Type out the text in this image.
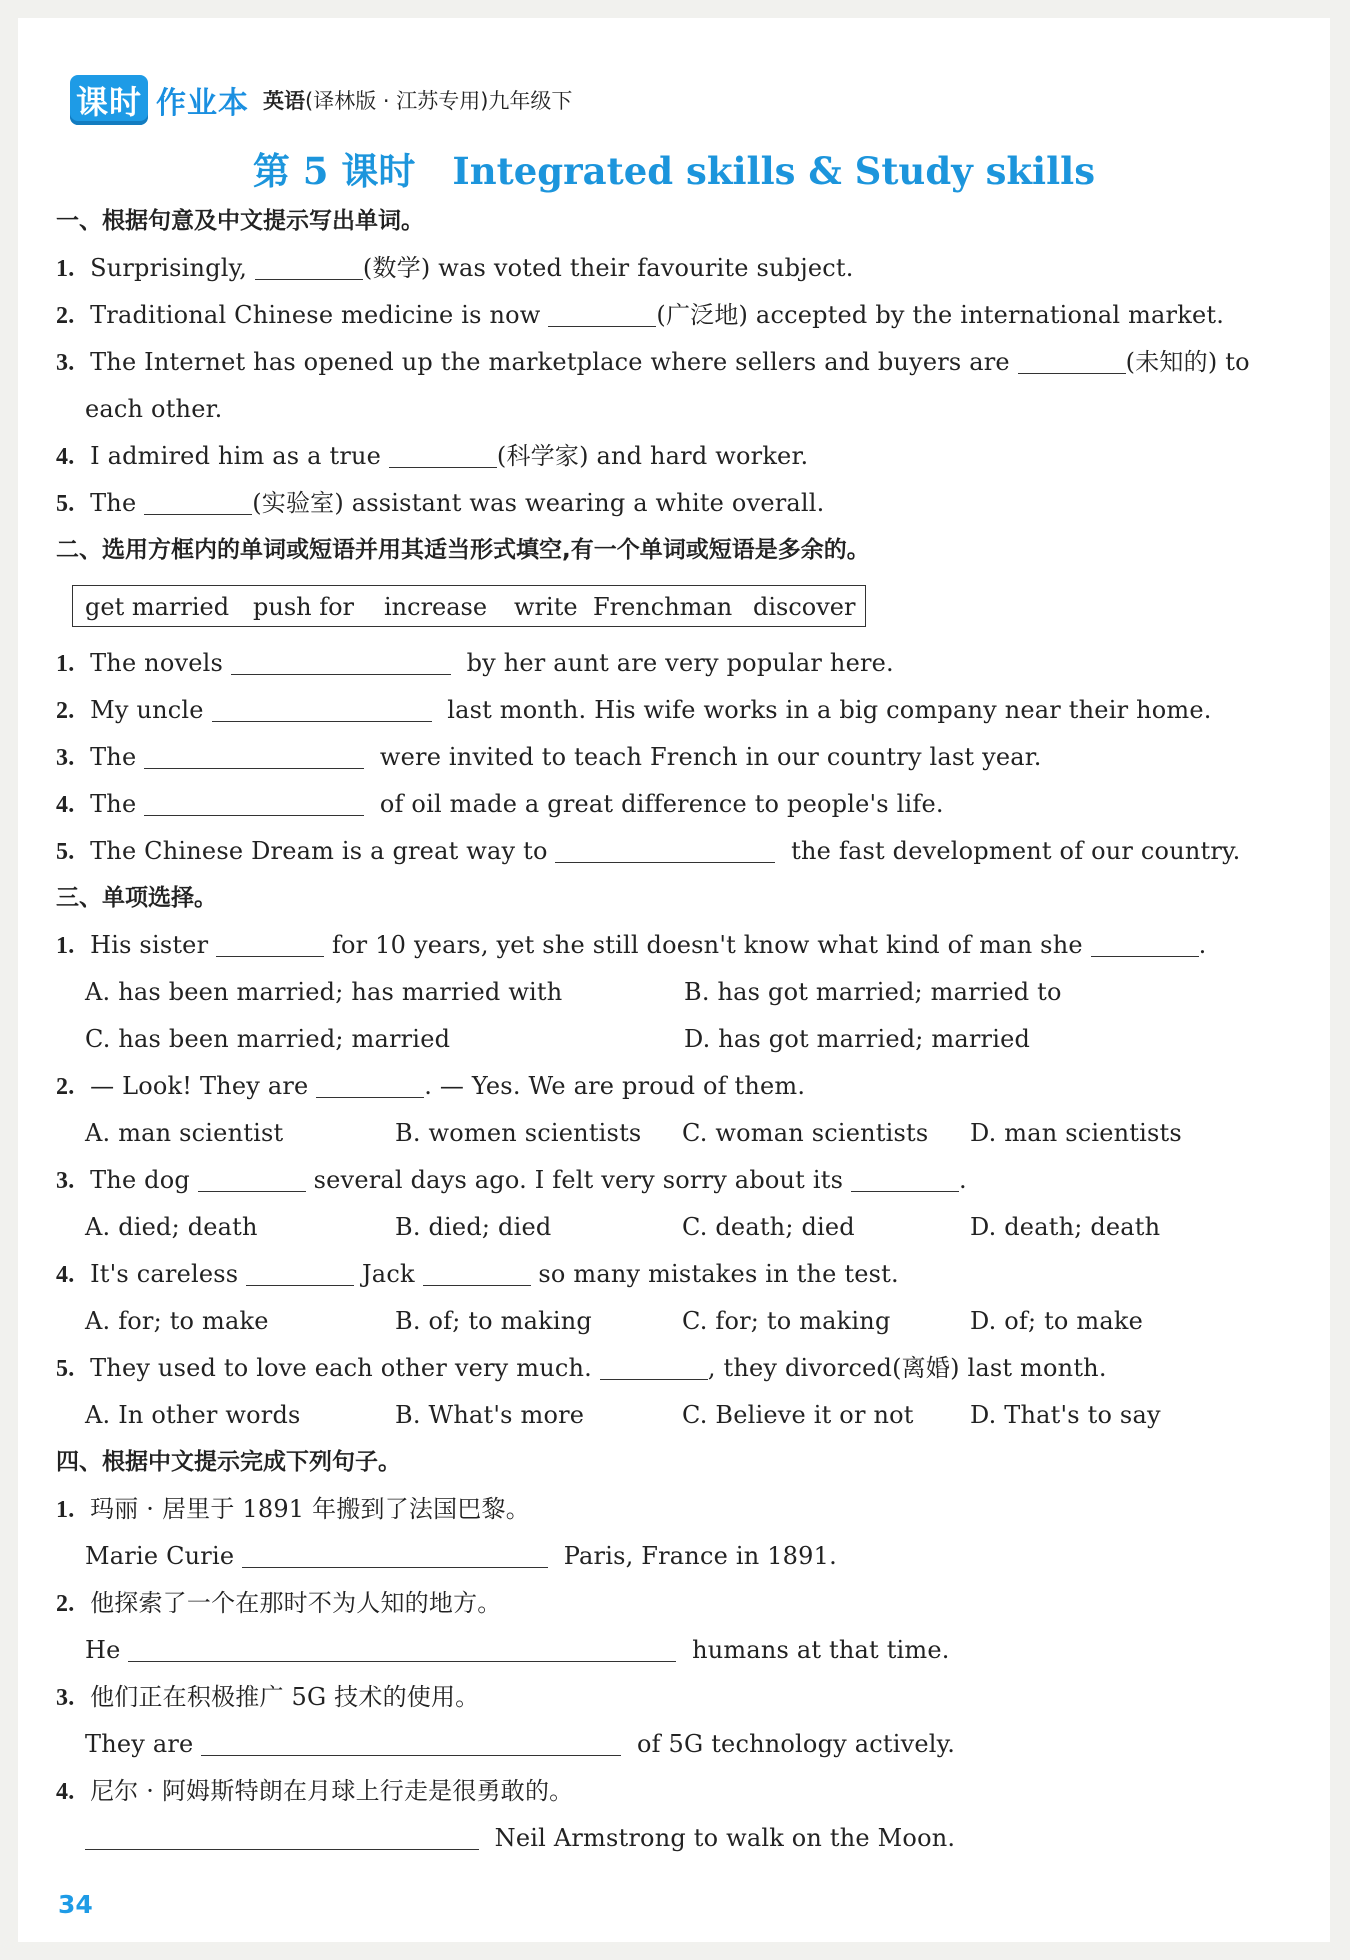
课时 作业本 英语(译林版 · 江苏专用)九年级下
第 5 课时　Integrated skills & Study skills
一、根据句意及中文提示写出单词。
1. Surprisingly,	(数学) was voted their favourite subject.
2. Traditional Chinese medicine is now	(广泛地) accepted by the international market.
3. The Internet has opened up the marketplace where sellers and buyers are	(未知的) to
each other.
4. I admired him as a true	(科学家) and hard worker.
5. The	(实验室) assistant was wearing a white overall.
二、选用方框内的单词或短语并用其适当形式填空,有一个单词或短语是多余的。
get married push for increase write Frenchman discover
1. The novels	by her aunt are very popular here.
2. My uncle	last month. His wife works in a big company near their home.
3. The	were invited to teach French in our country last year.
4. The	of oil made a great difference to people's life.
5. The Chinese Dream is a great way to	the fast development of our country.
三、单项选择。
1. His sister	for 10 years, yet she still doesn't know what kind of man she	.
A. has been married; has married with	B. has got married; married to
C. has been married; married	D. has got married; married
2. — Look! They are	. — Yes. We are proud of them.
A. man scientist	B. women scientists C. woman scientists D. man scientists
3. The dog	several days ago. I felt very sorry about its	.
A. died; death	B. died; died	C. death; died	D. death; death
4. It's careless	Jack	so many mistakes in the test.
A. for; to make	B. of; to making	C. for; to making	D. of; to make
5. They used to love each other very much.	, they divorced(离婚) last month.
A. In other words	B. What's more	C. Believe it or not D. That's to say
四、根据中文提示完成下列句子。
1. 玛丽 · 居里于 1891 年搬到了法国巴黎。
Marie Curie	Paris, France in 1891.
2. 他探索了一个在那时不为人知的地方。
He	humans at that time.
3. 他们正在积极推广 5G 技术的使用。
They are	of 5G technology actively.
4. 尼尔 · 阿姆斯特朗在月球上行走是很勇敢的。
Neil Armstrong to walk on the Moon.
34
